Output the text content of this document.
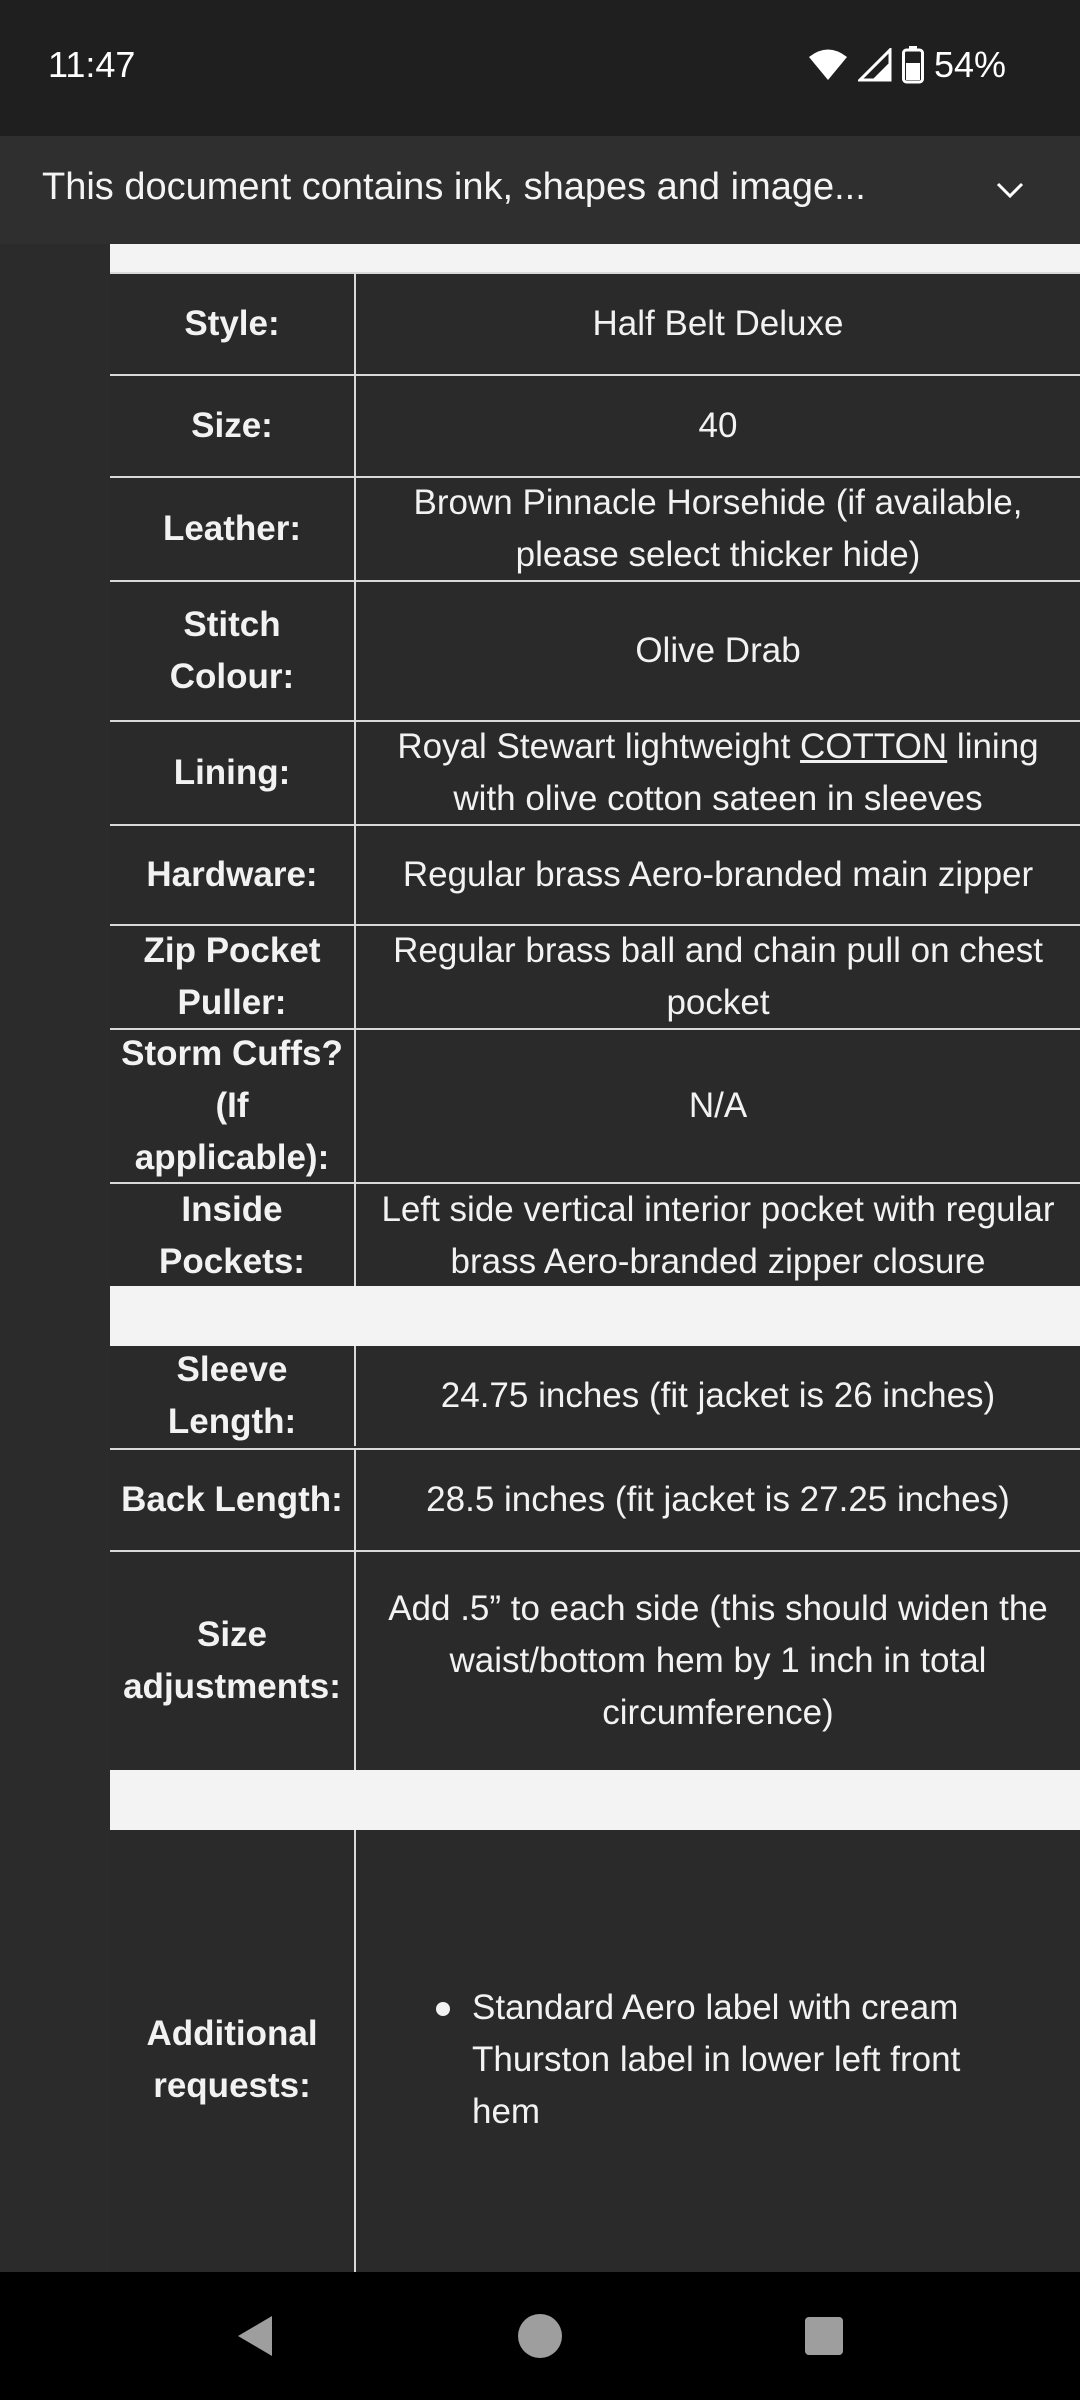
11:47	54%
This document contains ink, shapes and image...
Style:	Half Belt Deluxe
Size:	40
Leather:
Brown Pinnacle Horsehide (if available, please select thicker hide)
Stitch Colour:
Olive Drab
Lining:
Royal Stewart lightweight COTTON lining with olive cotton sateen in sleeves
Hardware:	Regular brass Aero-branded main zipper
Zip Pocket Puller:
Regular brass ball and chain pull on chest pocket
Storm Cuffs? (If applicable):
N/A
Inside Pockets:
Left side vertical interior pocket with regular brass Aero-branded zipper closure
Sleeve Length:
24.75 inches (fit jacket is 26 inches)
Back Length:	28.5 inches (fit jacket is 27.25 inches)
Size adjustments:
Add .5” to each side (this should widen the waist/bottom hem by 1 inch in total circumference)
Additional requests:
Standard Aero label with cream Thurston label in lower left front hem
